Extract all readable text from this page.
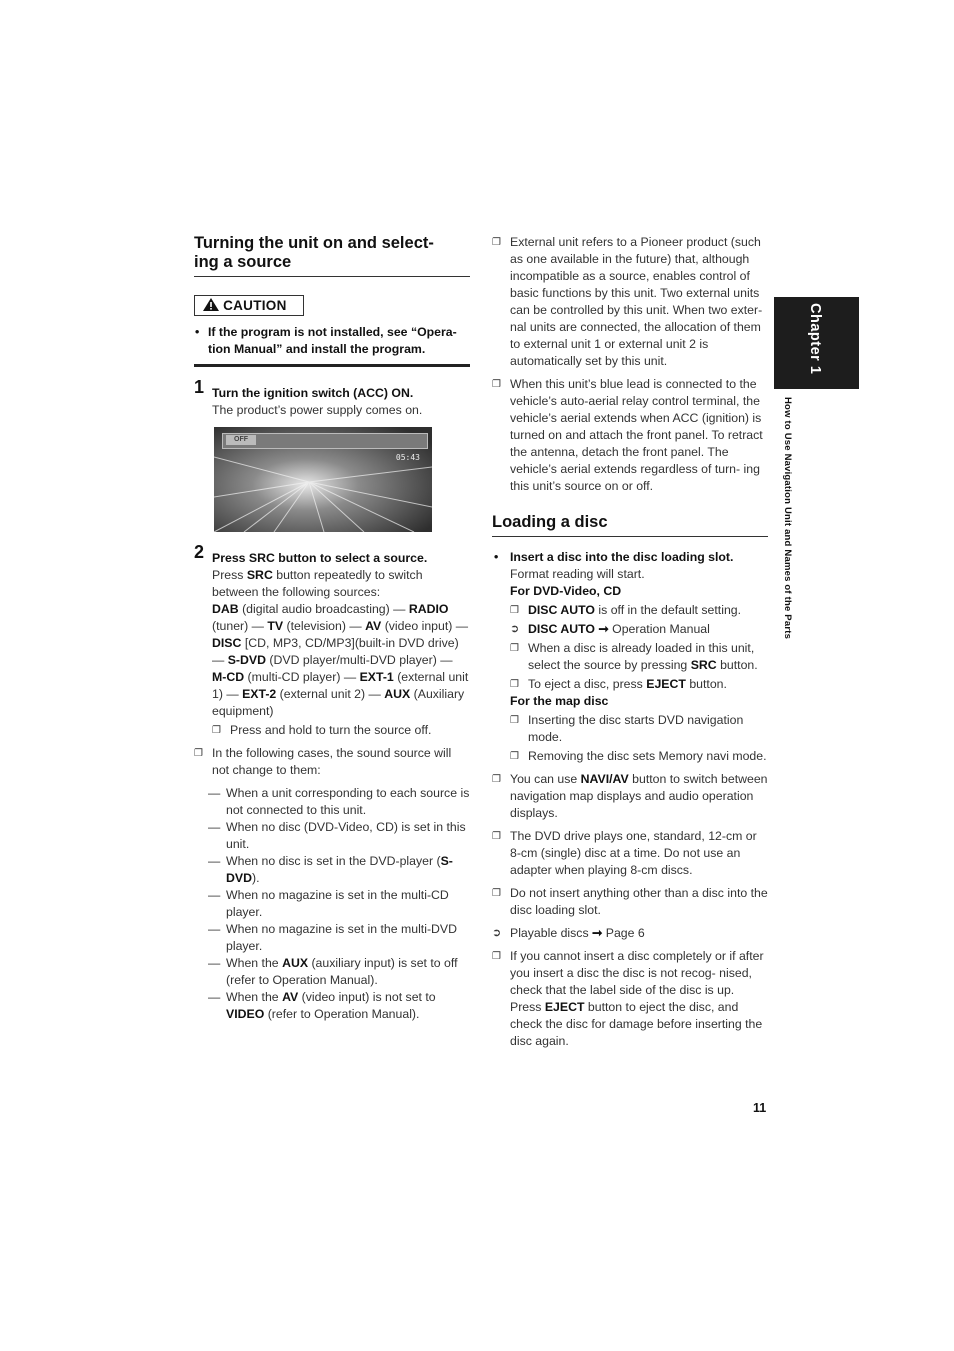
Turning the unit on and select-
ing a source
CAUTION
• If the program is not installed, see “Opera- tion Manual” and install the program.
1 Turn the ignition switch (ACC) ON.
The product’s power supply comes on.
OFF
05:43
2 Press SRC button to select a source.
Press SRC button repeatedly to switch between the following sources:
DAB (digital audio broadcasting) — RADIO (tuner) — TV (television) — AV (video input) — DISC [CD, MP3, CD/MP3](built-in DVD drive) — S-DVD (DVD player/multi-DVD player) — M-CD (multi-CD player) — EXT-1 (external unit 1) — EXT-2 (external unit 2) — AUX (Auxiliary equipment)
❐ Press and hold to turn the source off.
❐ In the following cases, the sound source will not change to them:
— When a unit corresponding to each source is not connected to this unit.
— When no disc (DVD-Video, CD) is set in this unit.
— When no disc is set in the DVD-player (S-DVD).
— When no magazine is set in the multi-CD player.
— When no magazine is set in the multi-DVD player.
— When the AUX (auxiliary input) is set to off (refer to Operation Manual).
— When the AV (video input) is not set to VIDEO (refer to Operation Manual).
❐ External unit refers to a Pioneer product (such as one available in the future) that, although incompatible as a source, enables control of basic functions by this unit. Two external units can be controlled by this unit. When two exter- nal units are connected, the allocation of them to external unit 1 or external unit 2 is automatically set by this unit.
❐ When this unit’s blue lead is connected to the vehicle’s auto-aerial relay control terminal, the vehicle’s aerial extends when ACC (ignition) is turned on and attach the front panel. To retract the antenna, detach the front panel. The vehicle’s aerial extends regardless of turn- ing this unit’s source on or off.
Loading a disc
• Insert a disc into the disc loading slot.
Format reading will start.
For DVD-Video, CD
❐ DISC AUTO is off in the default setting.
➲ DISC AUTO ➞ Operation Manual
❐ When a disc is already loaded in this unit, select the source by pressing SRC button.
❐ To eject a disc, press EJECT button.
For the map disc
❐ Inserting the disc starts DVD navigation mode.
❐ Removing the disc sets Memory navi mode.
❐ You can use NAVI/AV button to switch between navigation map displays and audio operation displays.
❐ The DVD drive plays one, standard, 12-cm or 8-cm (single) disc at a time. Do not use an adapter when playing 8-cm discs.
❐ Do not insert anything other than a disc into the disc loading slot.
➲ Playable discs ➞ Page 6
❐ If you cannot insert a disc completely or if after you insert a disc the disc is not recog- nised, check that the label side of the disc is up. Press EJECT button to eject the disc, and check the disc for damage before inserting the disc again.
Chapter 1
How to Use Navigation Unit and Names of the Parts
11
